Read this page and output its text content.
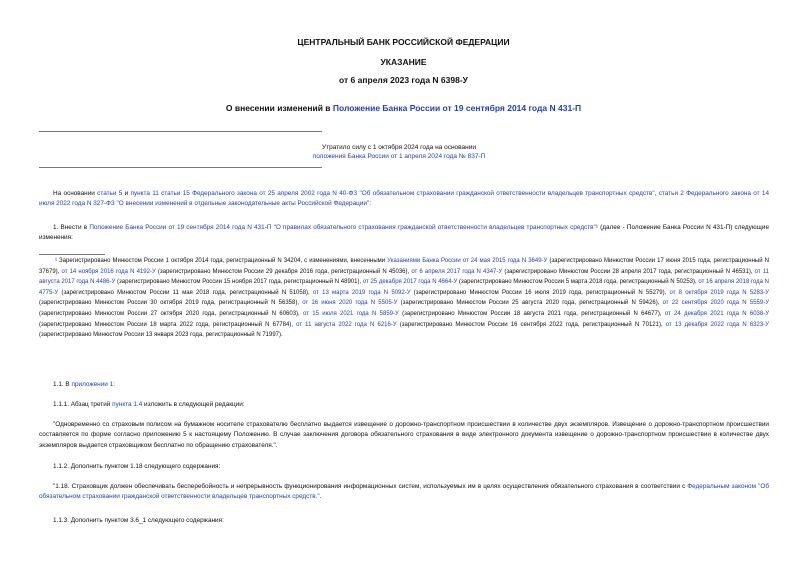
ЦЕНТРАЛЬНЫЙ БАНК РОССИЙСКОЙ ФЕДЕРАЦИИ
УКАЗАНИЕ
от 6 апреля 2023 года N 6398-У
О внесении изменений в Положение Банка России от 19 сентября 2014 года N 431-П
Утратило силу с 1 октября 2024 года на основании
положения Банка России от 1 апреля 2024 года № 837-П
На основании статьи 5 и пункта 11 статьи 15 Федерального закона от 25 апреля 2002 года N 40-ФЗ "Об обязательном страховании гражданской ответственности владельцев транспортных средств", статьи 2 Федерального закона от 14 июля 2022 года N 327-ФЗ "О внесении изменений в отдельные законодательные акты Российской Федерации":
1. Внести в Положение Банка России от 19 сентября 2014 года N 431-П "О правилах обязательного страхования гражданской ответственности владельцев транспортных средств"¹ (далее - Положение Банка России N 431-П) следующие изменения:
¹ Зарегистрировано Минюстом России 1 октября 2014 года, регистрационный N 34204, с изменениями, внесенными Указаниями Банка России от 24 мая 2015 года N 3649-У (зарегистрировано Минюстом России 17 июня 2015 года, регистрационный N 37679), от 14 ноября 2016 года N 4192-У (зарегистрировано Минюстом России 29 декабря 2016 года, регистрационный N 45036), от 6 апреля 2017 года N 4347-У (зарегистрировано Минюстом России 28 апреля 2017 года, регистрационный N 46531), от 11 августа 2017 года N 4486-У (зарегистрировано Минюстом России 15 ноября 2017 года, регистрационный N 48901), от 25 декабря 2017 года N 4664-У (зарегистрировано Минюстом России 5 марта 2018 года, регистрационный N 50253), от 16 апреля 2018 года N 4775-У (зарегистрировано Минюстом России 11 мая 2018 года, регистрационный N 51058), от 13 марта 2019 года N 5092-У (зарегистрировано Минюстом России 16 июля 2019 года, регистрационный N 55279), от 8 октября 2019 года N 5283-У (зарегистрировано Минюстом России 30 октября 2019 года, регистрационный N 56358), от 16 июня 2020 года N 5505-У (зарегистрировано Минюстом России 25 августа 2020 года, регистрационный N 59426), от 22 сентября 2020 года N 5559-У (зарегистрировано Минюстом России 27 октября 2020 года, регистрационный N 60603), от 15 июля 2021 года N 5859-У (зарегистрировано Минюстом России 18 августа 2021 года, регистрационный N 64677), от 24 декабря 2021 года N 6038-У (зарегистрировано Минюстом России 18 марта 2022 года, регистрационный N 67784), от 11 августа 2022 года N 6216-У (зарегистрировано Минюстом России 16 сентября 2022 года, регистрационный N 70121), от 13 декабря 2022 года N 6323-У (зарегистрировано Минюстом России 13 января 2023 года, регистрационный N 71997).
1.1. В приложении 1:
1.1.1. Абзац третий пункта 1.4 изложить в следующей редакции:
"Одновременно со страховым полисом на бумажном носителе страхователю бесплатно выдается извещение о дорожно-транспортном происшествии в количестве двух экземпляров. Извещение о дорожно-транспортном происшествии составляется по форме согласно приложению 5 к настоящему Положению. В случае заключения договора обязательного страхования в виде электронного документа извещение о дорожно-транспортном происшествии в количестве двух экземпляров выдается страховщиком бесплатно по обращению страхователя.".
1.1.2. Дополнить пунктом 1.18 следующего содержания:
"1.18. Страховщик должен обеспечивать бесперебойность и непрерывность функционирования информационных систем, используемых им в целях осуществления обязательного страхования в соответствии с Федеральным законом "Об обязательном страховании гражданской ответственности владельцев транспортных средств.".
1.1.3. Дополнить пунктом 3.6_1 следующего содержания:
